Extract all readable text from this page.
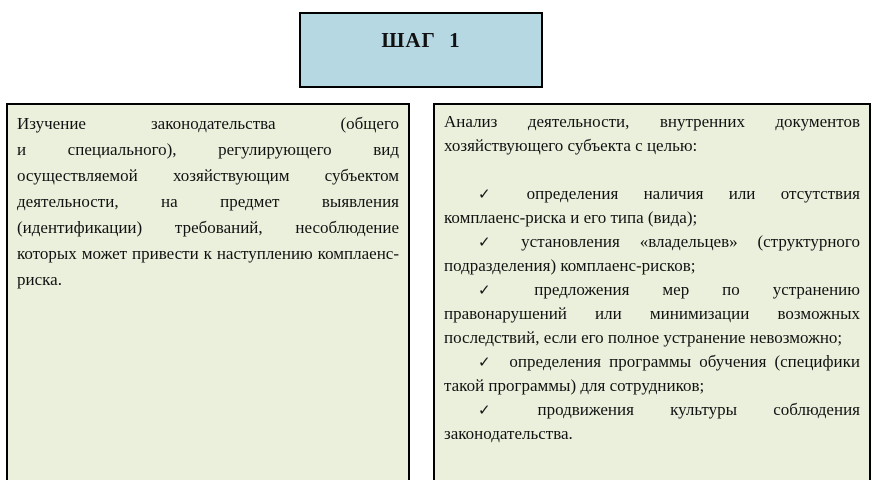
ШАГ 1

Изучение законодательства (общего и специального), регулирующего вид осуществляемой хозяйствующим субъектом деятельности, на предмет выявления (идентификации) требований, несоблюдение которых может привести к наступлению комплаенс-риска.

Анализ деятельности, внутренних документов хозяйствующего субъекта с целью:

✓ определения наличия или отсутствия комплаенс-риска и его типа (вида);

✓ установления «владельцев» (структурного подразделения) комплаенс-рисков;

✓ предложения мер по устранению правонарушений или минимизации возможных последствий, если его полное устранение невозможно;

✓ определения программы обучения (специфики такой программы) для сотрудников;

✓ продвижения культуры соблюдения законодательства.
